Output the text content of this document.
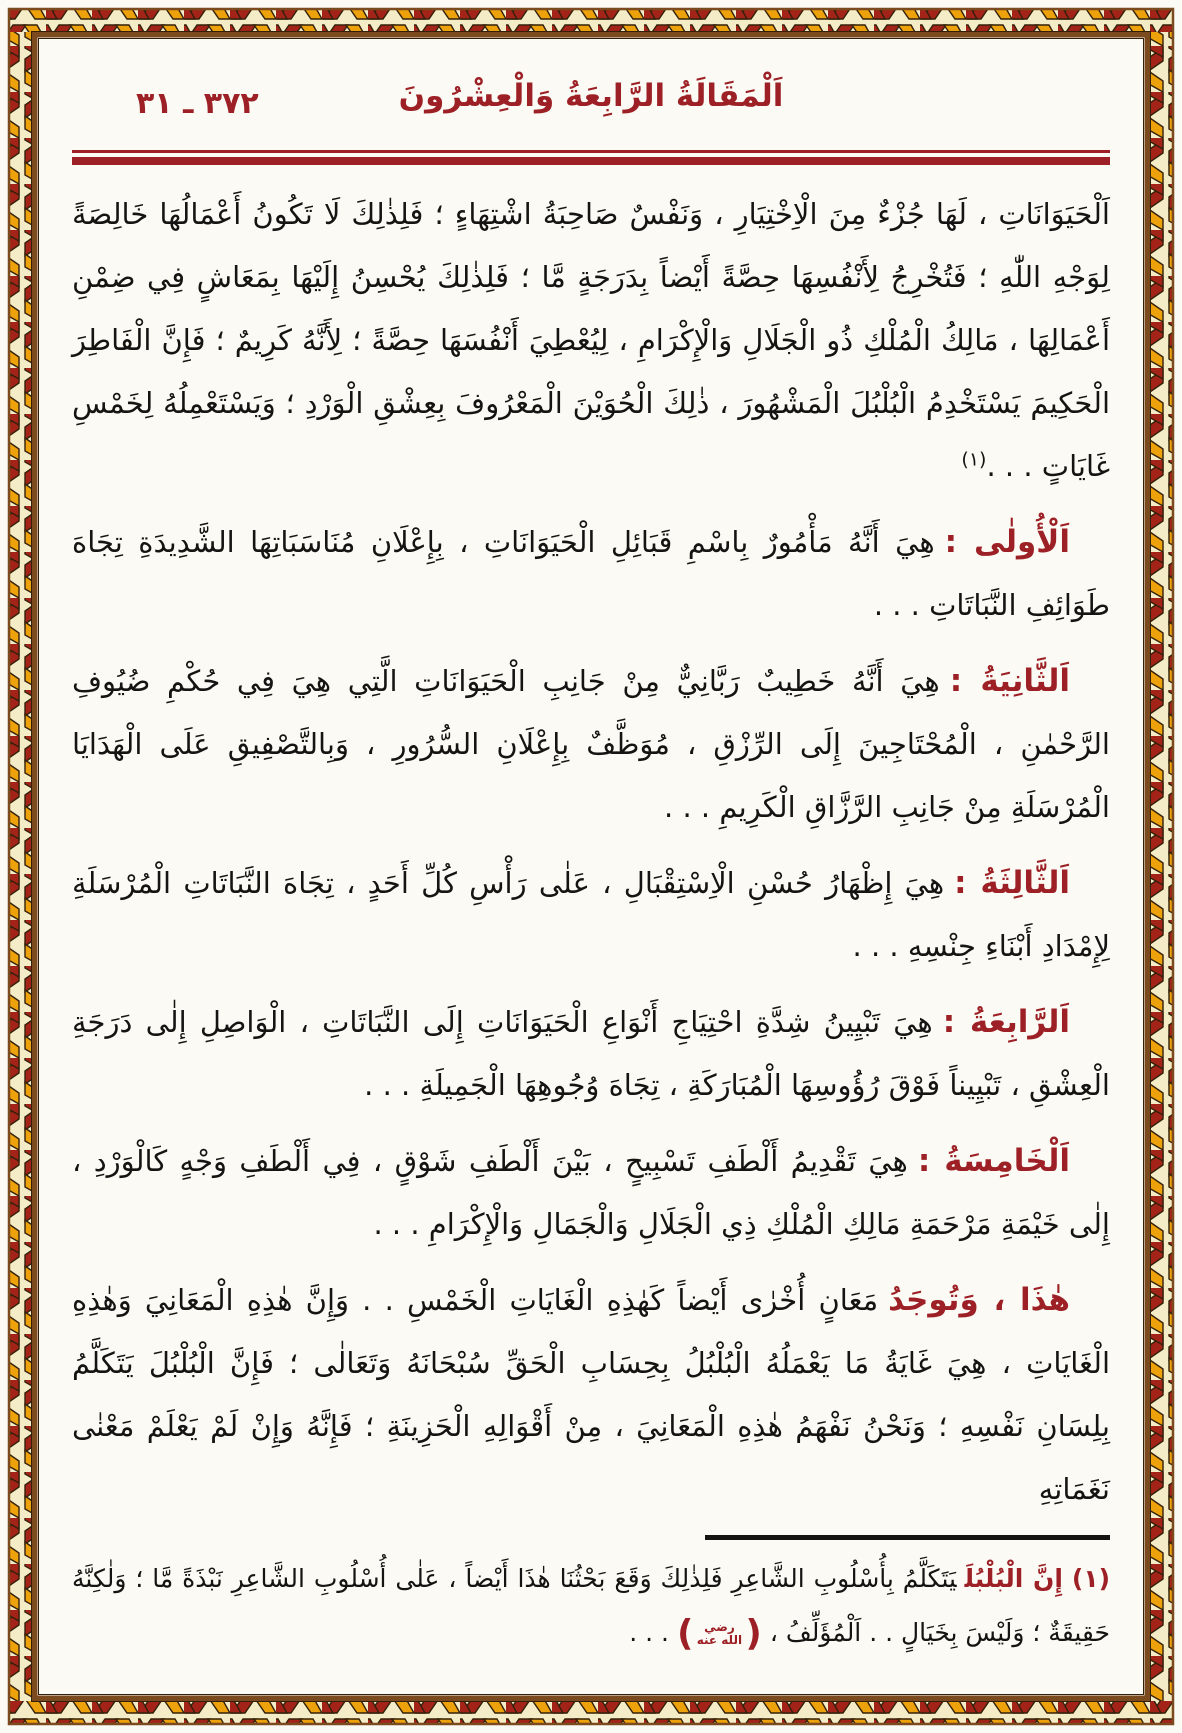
٣٧٢ ـ ٣١	اَلْمَقَالَةُ الرَّابِعَةُ وَالْعِشْرُونَ

اَلْحَيَوَانَاتِ ، لَهَا جُزْءٌ مِنَ الْاِخْتِيَارِ ، وَنَفْسٌ صَاحِبَةُ اشْتِهَاءٍ ؛ فَلِذٰلِكَ لَا تَكُونُ أَعْمَالُهَا خَالِصَةً لِوَجْهِ اللّٰهِ ؛ فَتُخْرِجُ لِأَنْفُسِهَا حِصَّةً أَيْضاً بِدَرَجَةٍ مَّا ؛ فَلِذٰلِكَ يُحْسِنُ إِلَيْهَا بِمَعَاشٍ فِي ضِمْنِ أَعْمَالِهَا ، مَالِكُ الْمُلْكِ ذُو الْجَلَالِ وَالْإِكْرَامِ ، لِيُعْطِيَ أَنْفُسَهَا حِصَّةً ؛ لِأَنَّهُ كَرِيمٌ ؛ فَإِنَّ الْفَاطِرَ الْحَكِيمَ يَسْتَخْدِمُ الْبُلْبُلَ الْمَشْهُورَ ، ذٰلِكَ الْحُوَيْنَ الْمَعْرُوفَ بِعِشْقِ الْوَرْدِ ؛ وَيَسْتَعْمِلُهُ لِخَمْسِ غَايَاتٍ . . .$^{(١)}$

اَلْأُولٰى :هِيَ أَنَّهُ مَأْمُورٌ بِاسْمِ قَبَائِلِ الْحَيَوَانَاتِ ، بِإِعْلَانِ مُنَاسَبَاتِهَا الشَّدِيدَةِ تِجَاهَ طَوَائِفِ النَّبَاتَاتِ . . .

اَلثَّانِيَةُ :هِيَ أَنَّهُ خَطِيبٌ رَبَّانِيٌّ مِنْ جَانِبِ الْحَيَوَانَاتِ الَّتِي هِيَ فِي حُكْمِ ضُيُوفِ الرَّحْمٰنِ ، الْمُحْتَاجِينَ إِلَى الرِّزْقِ ، مُوَظَّفٌ بِإِعْلَانِ السُّرُورِ ، وَبِالتَّصْفِيقِ عَلَى الْهَدَايَا الْمُرْسَلَةِ مِنْ جَانِبِ الرَّزَّاقِ الْكَرِيمِ . . .

اَلثَّالِثَةُ :هِيَ إِظْهَارُ حُسْنِ الْاِسْتِقْبَالِ ، عَلٰى رَأْسِ كُلِّ أَحَدٍ ، تِجَاهَ النَّبَاتَاتِ الْمُرْسَلَةِ لِإِمْدَادِ أَبْنَاءِ جِنْسِهِ . . .

اَلرَّابِعَةُ :هِيَ تَبْيِينُ شِدَّةِ احْتِيَاجِ أَنْوَاعِ الْحَيَوَانَاتِ إِلَى النَّبَاتَاتِ ، الْوَاصِلِ إِلٰى دَرَجَةِ الْعِشْقِ ، تَبْيِيناً فَوْقَ رُؤُوسِهَا الْمُبَارَكَةِ ، تِجَاهَ وُجُوهِهَا الْجَمِيلَةِ . . .

اَلْخَامِسَةُ :هِيَ تَقْدِيمُ أَلْطَفِ تَسْبِيحٍ ، بَيْنَ أَلْطَفِ شَوْقٍ ، فِي أَلْطَفِ وَجْهٍ كَالْوَرْدِ ، إِلٰى خَيْمَةِ مَرْحَمَةِ مَالِكِ الْمُلْكِ ذِي الْجَلَالِ وَالْجَمَالِ وَالْإِكْرَامِ . . .

هٰذَا ، وَتُوجَدُمَعَانٍ أُخْرٰى أَيْضاً كَهٰذِهِ الْغَايَاتِ الْخَمْسِ . . وَإِنَّ هٰذِهِ الْمَعَانِيَ وَهٰذِهِ الْغَايَاتِ ، هِيَ غَايَةُ مَا يَعْمَلُهُ الْبُلْبُلُ بِحِسَابِ الْحَقِّ سُبْحَانَهُ وَتَعَالٰى ؛ فَإِنَّ الْبُلْبُلَ يَتَكَلَّمُ بِلِسَانِ نَفْسِهِ ؛ وَنَحْنُ نَفْهَمُ هٰذِهِ الْمَعَانِيَ ، مِنْ أَقْوَالِهِ الْحَزِينَةِ ؛ فَإِنَّهُ وَإِنْ لَمْ يَعْلَمْ مَعْنٰى نَغَمَاتِهِ

(١) إِنَّ الْبُلْبُلَيَتَكَلَّمُ بِأُسْلُوبِ الشَّاعِرِ فَلِذٰلِكَ وَقَعَ بَحْثُنَا هٰذَا أَيْضاً ، عَلٰى أُسْلُوبِ الشَّاعِرِ نَبْذَةً مَّا ؛ وَلٰكِنَّهُ حَقِيقَةٌ ؛ وَلَيْسَ بِخَيَالٍ . . اَلْمُؤَلِّفُ ، (رضي الله عنه) . . .
